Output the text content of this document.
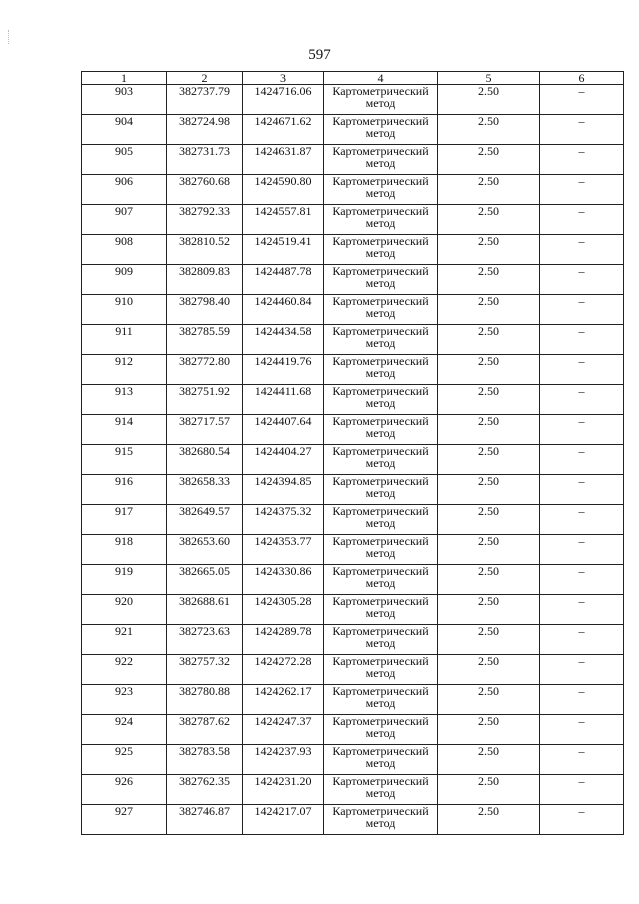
597
1	2	3	4	5	6
903	382737.79	1424716.06	Картометрический метод	2.50	–
904	382724.98	1424671.62	Картометрический метод	2.50	–
905	382731.73	1424631.87	Картометрический метод	2.50	–
906	382760.68	1424590.80	Картометрический метод	2.50	–
907	382792.33	1424557.81	Картометрический метод	2.50	–
908	382810.52	1424519.41	Картометрический метод	2.50	–
909	382809.83	1424487.78	Картометрический метод	2.50	–
910	382798.40	1424460.84	Картометрический метод	2.50	–
911	382785.59	1424434.58	Картометрический метод	2.50	–
912	382772.80	1424419.76	Картометрический метод	2.50	–
913	382751.92	1424411.68	Картометрический метод	2.50	–
914	382717.57	1424407.64	Картометрический метод	2.50	–
915	382680.54	1424404.27	Картометрический метод	2.50	–
916	382658.33	1424394.85	Картометрический метод	2.50	–
917	382649.57	1424375.32	Картометрический метод	2.50	–
918	382653.60	1424353.77	Картометрический метод	2.50	–
919	382665.05	1424330.86	Картометрический метод	2.50	–
920	382688.61	1424305.28	Картометрический метод	2.50	–
921	382723.63	1424289.78	Картометрический метод	2.50	–
922	382757.32	1424272.28	Картометрический метод	2.50	–
923	382780.88	1424262.17	Картометрический метод	2.50	–
924	382787.62	1424247.37	Картометрический метод	2.50	–
925	382783.58	1424237.93	Картометрический метод	2.50	–
926	382762.35	1424231.20	Картометрический метод	2.50	–
927	382746.87	1424217.07	Картометрический метод	2.50	–
